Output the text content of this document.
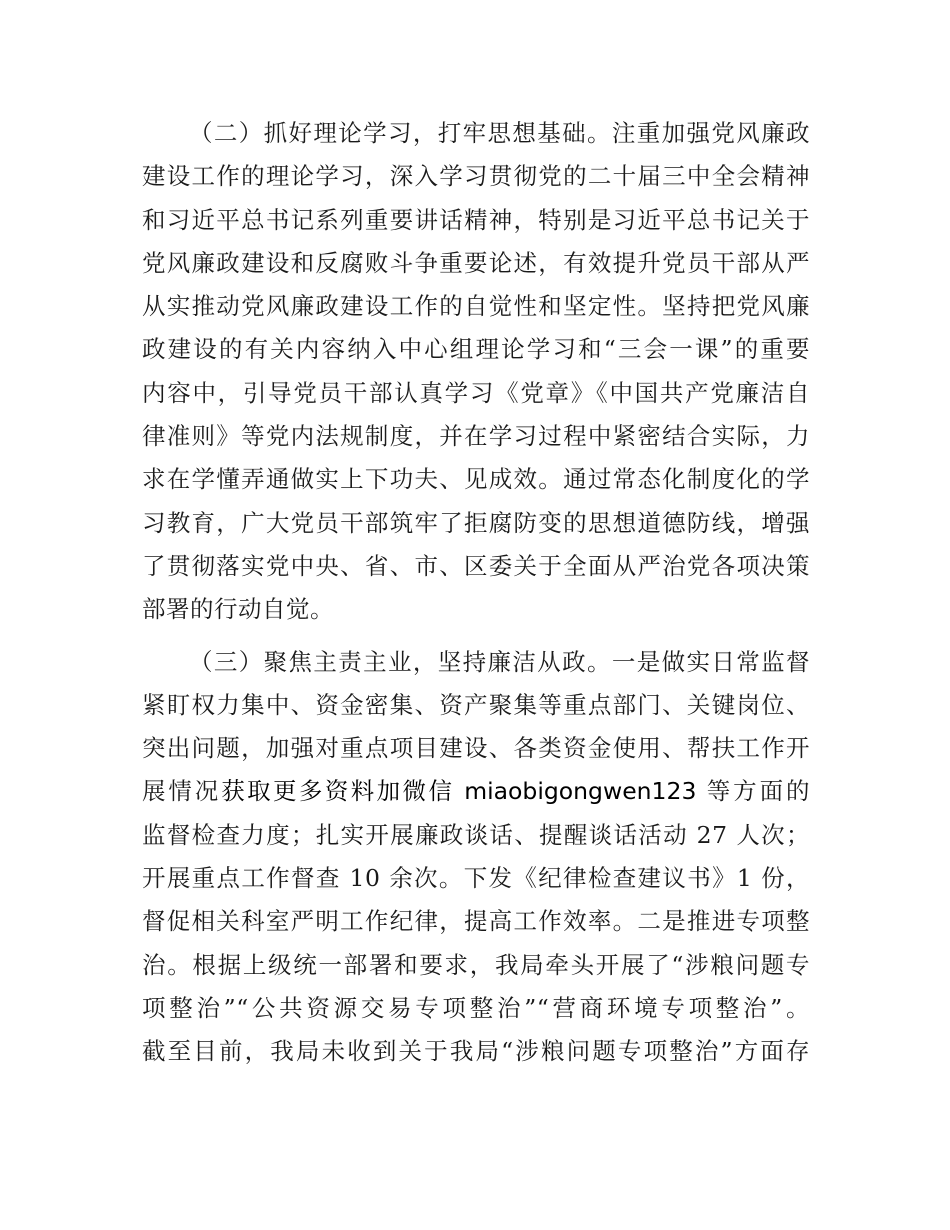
（二）抓好理论学习，打牢思想基础。注重加强党风廉政
建设工作的理论学习，深入学习贯彻党的二十届三中全会精神
和习近平总书记系列重要讲话精神，特别是习近平总书记关于
党风廉政建设和反腐败斗争重要论述，有效提升党员干部从严
从实推动党风廉政建设工作的自觉性和坚定性。坚持把党风廉
政建设的有关内容纳入中心组理论学习和“三会一课”的重要
内容中，引导党员干部认真学习《党章》《中国共产党廉洁自
律准则》等党内法规制度，并在学习过程中紧密结合实际，力
求在学懂弄通做实上下功夫、见成效。通过常态化制度化的学
习教育，广大党员干部筑牢了拒腐防变的思想道德防线，增强
了贯彻落实党中央、省、市、区委关于全面从严治党各项决策
部署的行动自觉。
（三）聚焦主责主业，坚持廉洁从政。一是做实日常监督
紧盯权力集中、资金密集、资产聚集等重点部门、关键岗位、
突出问题，加强对重点项目建设、各类资金使用、帮扶工作开
展情况获取更多资料加微信 miaobigongwen123 等方面的
监督检查力度；扎实开展廉政谈话、提醒谈话活动 27 人次；
开展重点工作督查 10 余次。下发《纪律检查建议书》1 份，
督促相关科室严明工作纪律，提高工作效率。二是推进专项整
治。根据上级统一部署和要求，我局牵头开展了“涉粮问题专
项整治”“公共资源交易专项整治”“营商环境专项整治”。
截至目前，我局未收到关于我局“涉粮问题专项整治”方面存
